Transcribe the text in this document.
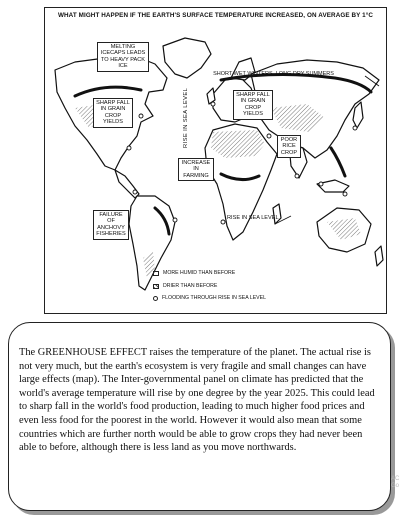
WHAT MIGHT HAPPEN IF THE EARTH'S SURFACE TEMPERATURE INCREASED, ON AVERAGE BY 1°C
MELTING ICECAPS LEADS TO HEAVY PACK ICE
SHORT WET WINTERS, LONG DRY SUMMERS
SHARP FALL IN GRAIN CROP YIELDS
SHARP FALL IN GRAIN CROP YIELDS
INCREASE IN FARMING
POOR RICE CROP
FAILURE OF ANCHOVY FISHERIES
RISE IN SEA LEVEL
RISE IN SEA LEVEL
MORE HUMID THAN BEFORE
DRIER THAN BEFORE
FLOODING THROUGH RISE IN SEA LEVEL

The GREENHOUSE EFFECT raises the temperature of the planet. The actual rise is not very much, but the earth's ecosystem is very fragile and small changes can have large effects (map). The Inter-governmental panel on climate has predicted that the world's average temperature will rise by one degree by the year 2025. This could lead to sharp fall in the world's food production, leading to much higher food prices and even less food for the poorest in the world. However it would also mean that some countries which are further north would be able to grow crops they had never been able to before, although there is less land as you move northwards.

AC
Go
